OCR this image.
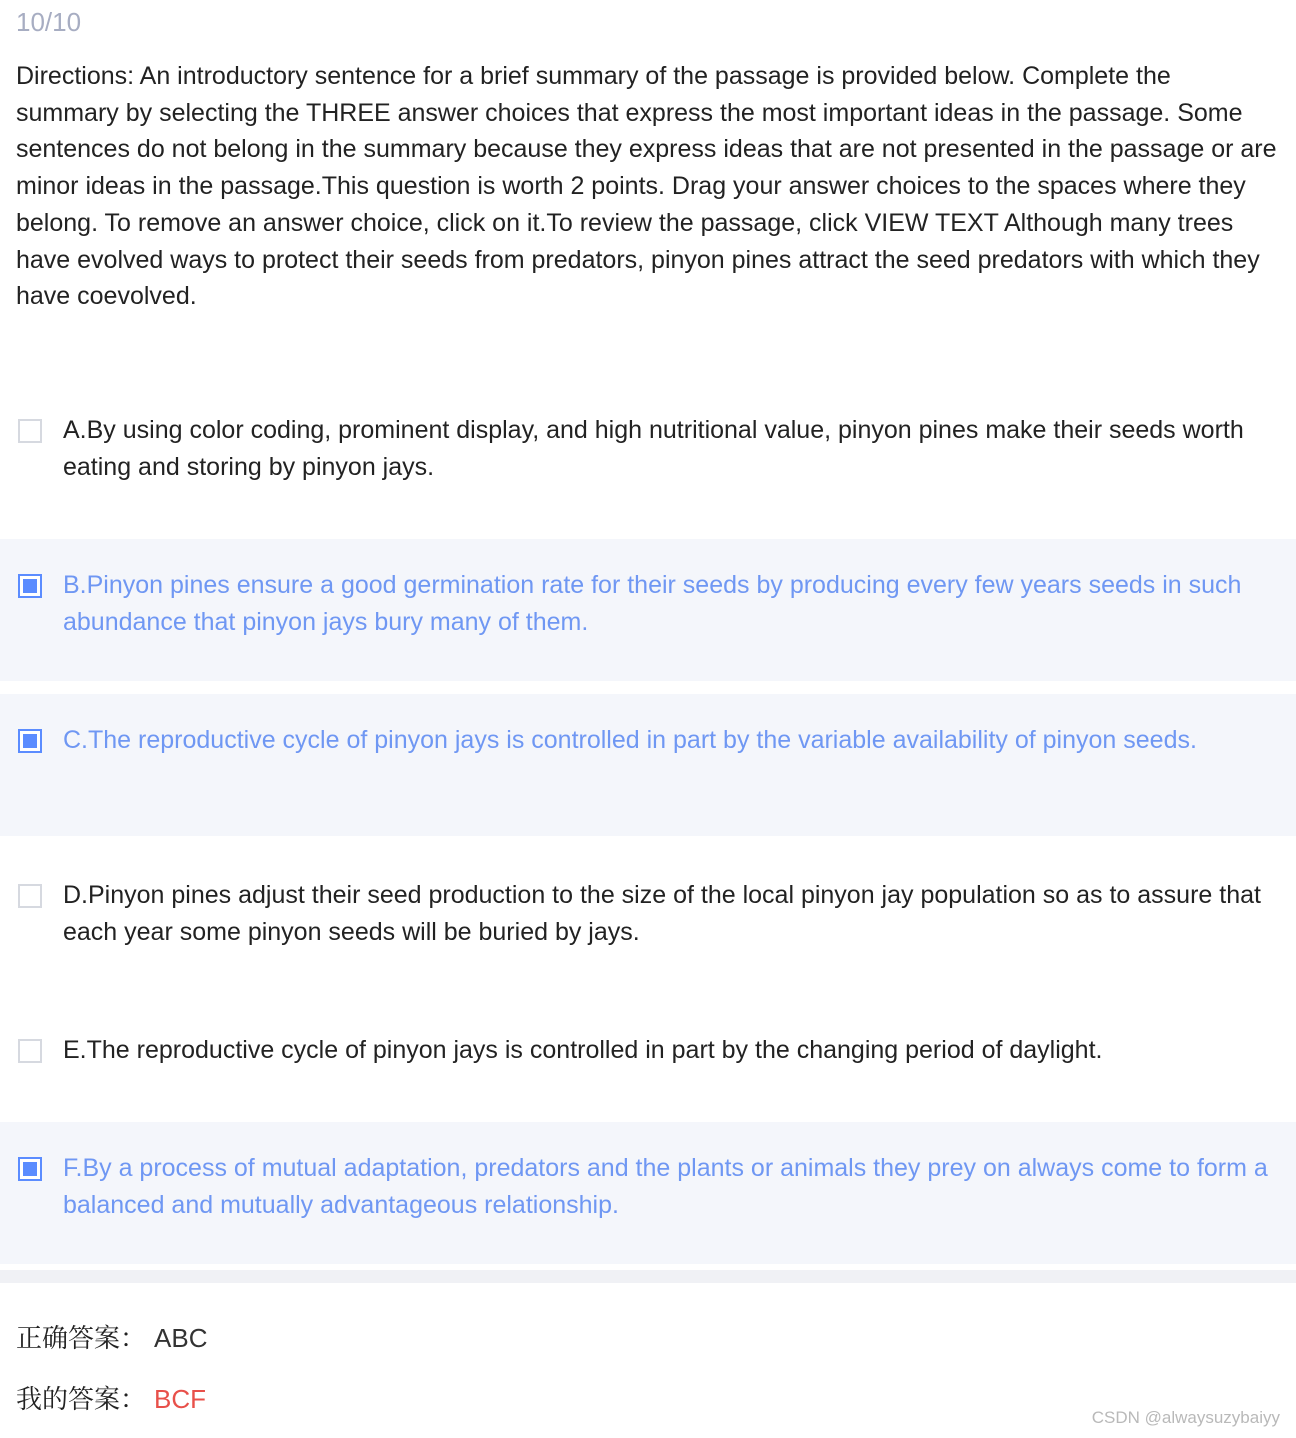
10/10
Directions: An introductory sentence for a brief summary of the passage is provided below. Complete the summary by selecting the THREE answer choices that express the most important ideas in the passage. Some sentences do not belong in the summary because they express ideas that are not presented in the passage or are minor ideas in the passage.This question is worth 2 points. Drag your answer choices to the spaces where they belong. To remove an answer choice, click on it.To review the passage, click VIEW TEXT Although many trees have evolved ways to protect their seeds from predators, pinyon pines attract the seed predators with which they have coevolved.
A.By using color coding, prominent display, and high nutritional value, pinyon pines make their seeds worth eating and storing by pinyon jays.
B.Pinyon pines ensure a good germination rate for their seeds by producing every few years seeds in such abundance that pinyon jays bury many of them.
C.The reproductive cycle of pinyon jays is controlled in part by the variable availability of pinyon seeds.
D.Pinyon pines adjust their seed production to the size of the local pinyon jay population so as to assure that each year some pinyon seeds will be buried by jays.
E.The reproductive cycle of pinyon jays is controlled in part by the changing period of daylight.
F.By a process of mutual adaptation, predators and the plants or animals they prey on always come to form a balanced and mutually advantageous relationship.
正确答案： ABC
我的答案： BCF
CSDN @alwaysuzybaiyy
